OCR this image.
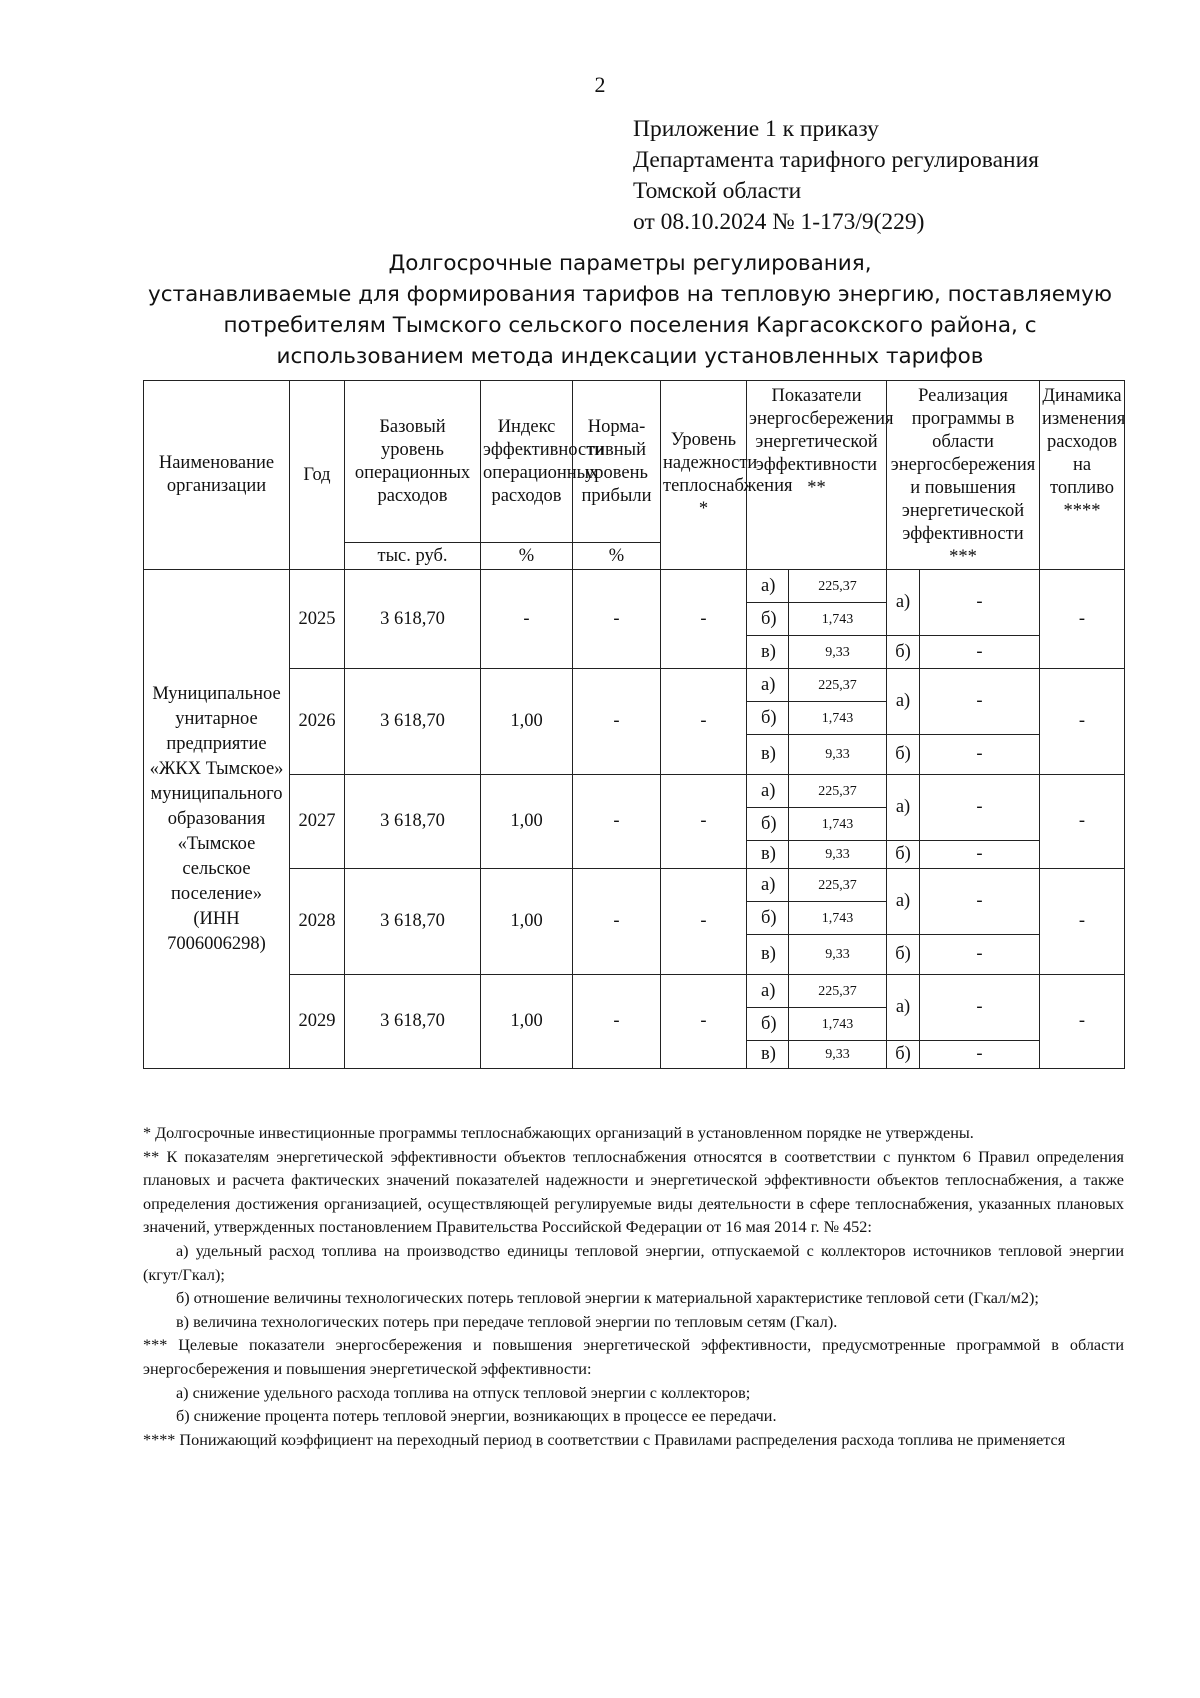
2
Приложение 1 к приказу
Департамента тарифного регулирования
Томской области
от 08.10.2024 № 1-173/9(229)
Долгосрочные параметры регулирования,
устанавливаемые для формирования тарифов на тепловую энергию, поставляемую
потребителям Тымского сельского поселения Каргасокского района, с
использованием метода индексации установленных тарифов
Наименование организации	Год	Базовый уровень операционных расходов	Индекс эффективности операционных расходов	Норма-тивный уровень прибыли	Уровень надежности теплоснабжения *	Показатели энергосбережения энергетической эффективности **		Реализация программы в области энергосбережения и повышения энергетической эффективности ***		Динамика изменения расходов на топливо ****
		тыс. руб.	%	%						
Муниципальное унитарное предприятие «ЖКХ Тымское» муниципального образования «Тымское сельское поселение» (ИНН 7006006298)	2025	3 618,70	-	-	-	а)	225,37	а)	-	-
						б)	1,743			
						в)	9,33	б)	-	
	2026	3 618,70	1,00	-	-	а)	225,37	а)	-	-
						б)	1,743			
						в)	9,33	б)	-	
	2027	3 618,70	1,00	-	-	а)	225,37	а)	-	-
						б)	1,743			
						в)	9,33	б)	-	
	2028	3 618,70	1,00	-	-	а)	225,37	а)	-	-
						б)	1,743			
						в)	9,33	б)	-	
	2029	3 618,70	1,00	-	-	а)	225,37	а)	-	-
						б)	1,743			
						в)	9,33	б)	-	

* Долгосрочные инвестиционные программы теплоснабжающих организаций в установленном порядке не утверждены.

** К показателям энергетической эффективности объектов теплоснабжения относятся в соответствии с пунктом 6 Правил определения плановых и расчета фактических значений показателей надежности и энергетической эффективности объектов теплоснабжения, а также определения достижения организацией, осуществляющей регулируемые виды деятельности в сфере теплоснабжения, указанных плановых значений, утвержденных постановлением Правительства Российской Федерации от 16 мая 2014 г. № 452:

а) удельный расход топлива на производство единицы тепловой энергии, отпускаемой с коллекторов источников тепловой энергии (кгут/Гкал);

б) отношение величины технологических потерь тепловой энергии к материальной характеристике тепловой сети (Гкал/м2);

в) величина технологических потерь при передаче тепловой энергии по тепловым сетям (Гкал).

*** Целевые показатели энергосбережения и повышения энергетической эффективности, предусмотренные программой в области энергосбережения и повышения энергетической эффективности:

а) снижение удельного расхода топлива на отпуск тепловой энергии с коллекторов;

б) снижение процента потерь тепловой энергии, возникающих в процессе ее передачи.

**** Понижающий коэффициент на переходный период в соответствии с Правилами распределения расхода топлива не применяется
